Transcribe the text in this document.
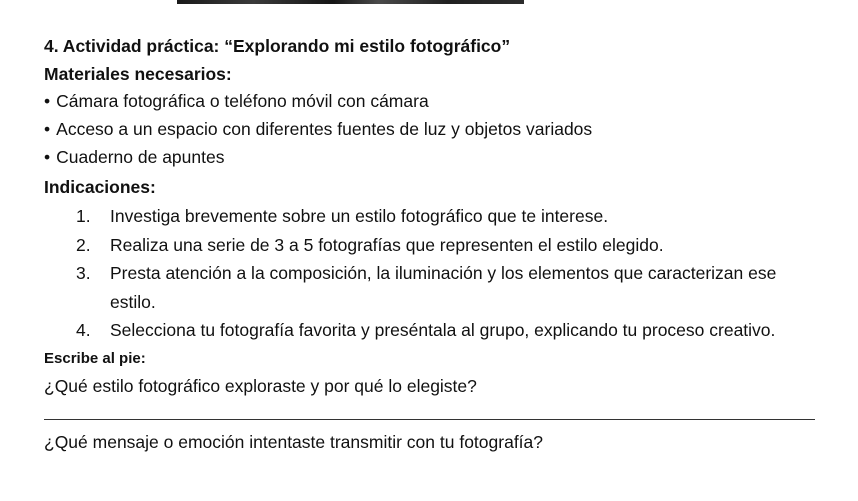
4. Actividad práctica: “Explorando mi estilo fotográfico”

Materiales necesarios:

• Cámara fotográfica o teléfono móvil con cámara
• Acceso a un espacio con diferentes fuentes de luz y objetos variados
• Cuaderno de apuntes

Indicaciones:

1.	Investiga brevemente sobre un estilo fotográfico que te interese.
2.	Realiza una serie de 3 a 5 fotografías que representen el estilo elegido.
3.	Presta atención a la composición, la iluminación y los elementos que caracterizan ese estilo.
4.	Selecciona tu fotografía favorita y preséntala al grupo, explicando tu proceso creativo.

Escribe al pie:

¿Qué estilo fotográfico exploraste y por qué lo elegiste?

¿Qué mensaje o emoción intentaste transmitir con tu fotografía?
